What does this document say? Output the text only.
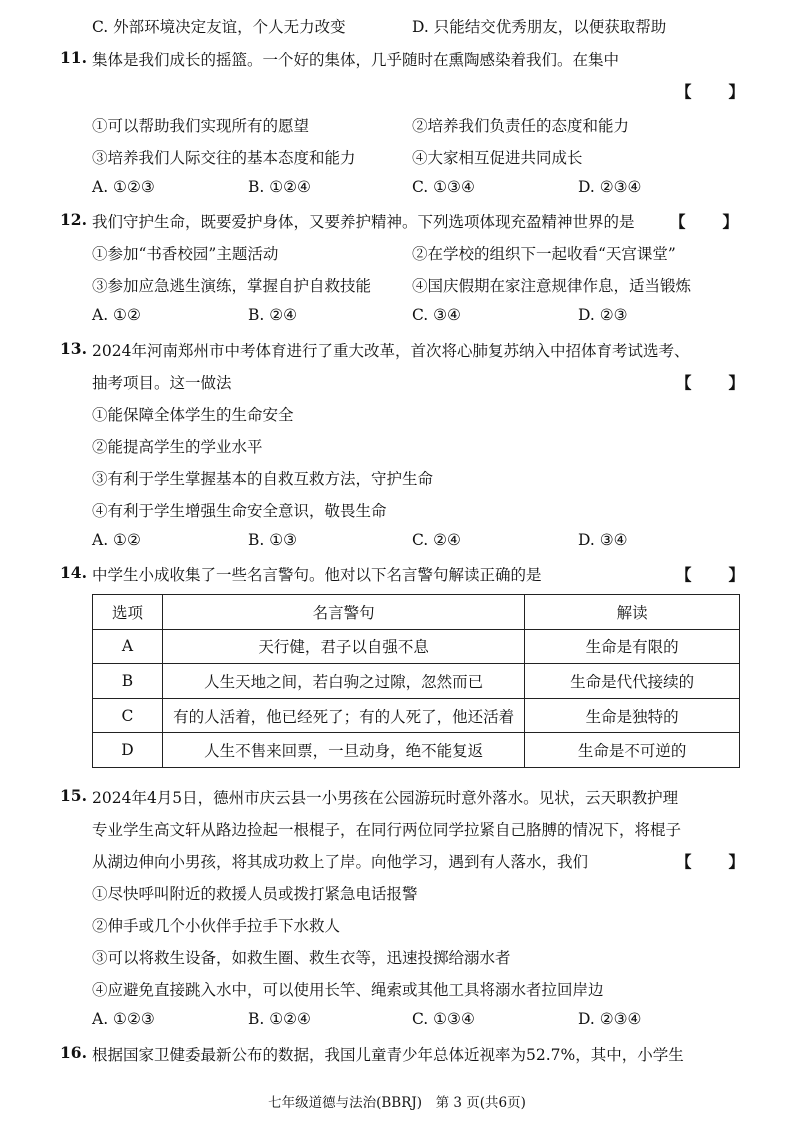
C. 外部环境决定友谊，个人无力改变	D. 只能结交优秀朋友，以便获取帮助
11. 集体是我们成长的摇篮。一个好的集体，几乎随时在熏陶感染着我们。在集中
【　　】
①可以帮助我们实现所有的愿望	②培养我们负责任的态度和能力
③培养我们人际交往的基本态度和能力	④大家相互促进共同成长
A. ①②③	B. ①②④	C. ①③④	D. ②③④
12. 我们守护生命，既要爱护身体，又要养护精神。下列选项体现充盈精神世界的是 【　　】
①参加“书香校园”主题活动	②在学校的组织下一起收看“天宫课堂”
③参加应急逃生演练，掌握自护自救技能	④国庆假期在家注意规律作息，适当锻炼
A. ①②	B. ②④	C. ③④	D. ②③
13. 2024年河南郑州市中考体育进行了重大改革，首次将心肺复苏纳入中招体育考试选考、
抽考项目。这一做法	【　　】
①能保障全体学生的生命安全
②能提高学生的学业水平
③有利于学生掌握基本的自救互救方法，守护生命
④有利于学生增强生命安全意识，敬畏生命
A. ①②	B. ①③	C. ②④	D. ③④
14. 中学生小成收集了一些名言警句。他对以下名言警句解读正确的是	【　　】
选项	名言警句	解读
A	天行健，君子以自强不息	生命是有限的
B	人生天地之间，若白驹之过隙，忽然而已	生命是代代接续的
C	有的人活着，他已经死了；有的人死了，他还活着	生命是独特的
D	人生不售来回票，一旦动身，绝不能复返	生命是不可逆的
15. 2024年4月5日，德州市庆云县一小男孩在公园游玩时意外落水。见状，云天职教护理
专业学生高文轩从路边捡起一根棍子，在同行两位同学拉紧自己胳膊的情况下，将棍子
从湖边伸向小男孩，将其成功救上了岸。向他学习，遇到有人落水，我们	【　　】
①尽快呼叫附近的救援人员或拨打紧急电话报警
②伸手或几个小伙伴手拉手下水救人
③可以将救生设备，如救生圈、救生衣等，迅速投掷给溺水者
④应避免直接跳入水中，可以使用长竿、绳索或其他工具将溺水者拉回岸边
A. ①②③	B. ①②④	C. ①③④	D. ②③④
16. 根据国家卫健委最新公布的数据，我国儿童青少年总体近视率为52.7%，其中，小学生
七年级道德与法治(BBRJ)　第 3 页(共6页)
